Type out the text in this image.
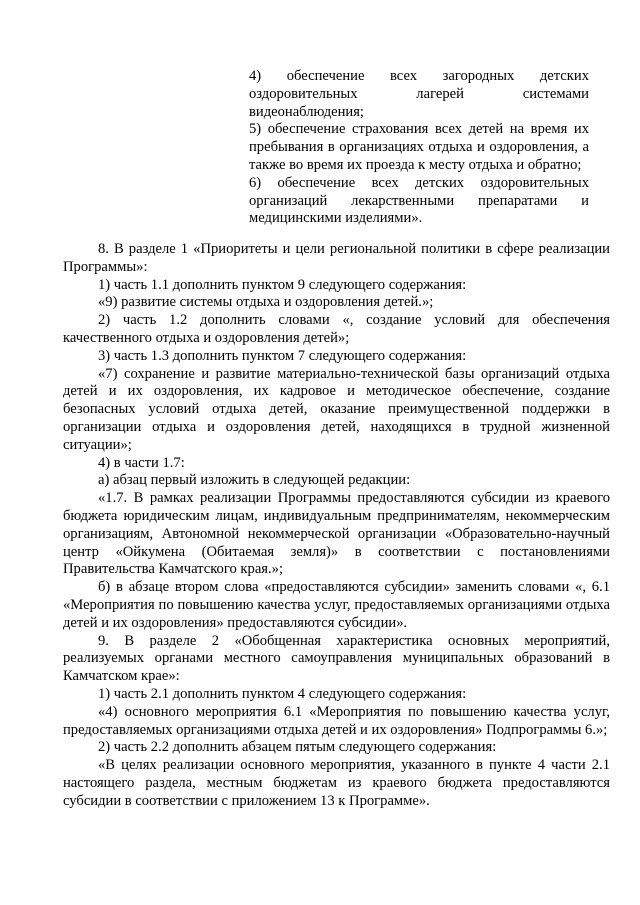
4) обеспечение всех загородных детских оздоровительных лагерей системами видеонаблюдения;

5) обеспечение страхования всех детей на время их пребывания в организациях отдыха и оздоровления, а также во время их проезда к месту отдыха и обратно;

6) обеспечение всех детских оздоровительных организаций лекарственными препаратами и медицинскими изделиями».

8. В разделе 1 «Приоритеты и цели региональной политики в сфере реализации Программы»:

1) часть 1.1 дополнить пунктом 9 следующего содержания:

«9) развитие системы отдыха и оздоровления детей.»;

2) часть 1.2 дополнить словами «, создание условий для обеспечения качественного отдыха и оздоровления детей»;

3) часть 1.3 дополнить пунктом 7 следующего содержания:

«7) сохранение и развитие материально-технической базы организаций отдыха детей и их оздоровления, их кадровое и методическое обеспечение, создание безопасных условий отдыха детей, оказание преимущественной поддержки в организации отдыха и оздоровления детей, находящихся в трудной жизненной ситуации»;

4) в части 1.7:

а) абзац первый изложить в следующей редакции:

«1.7. В рамках реализации Программы предоставляются субсидии из краевого бюджета юридическим лицам, индивидуальным предпринимателям, некоммерческим организациям, Автономной некоммерческой организации «Образовательно-научный центр «Ойкумена (Обитаемая земля)» в соответствии с постановлениями Правительства Камчатского края.»;

б) в абзаце втором слова «предоставляются субсидии» заменить словами «, 6.1 «Мероприятия по повышению качества услуг, предоставляемых организациями отдыха детей и их оздоровления» предоставляются субсидии».

9. В разделе 2 «Обобщенная характеристика основных мероприятий, реализуемых органами местного самоуправления муниципальных образований в Камчатском крае»:

1) часть 2.1 дополнить пунктом 4 следующего содержания:

«4) основного мероприятия 6.1 «Мероприятия по повышению качества услуг, предоставляемых организациями отдыха детей и их оздоровления» Подпрограммы 6.»;

2) часть 2.2 дополнить абзацем пятым следующего содержания:

«В целях реализации основного мероприятия, указанного в пункте 4 части 2.1 настоящего раздела, местным бюджетам из краевого бюджета предоставляются субсидии в соответствии с приложением 13 к Программе».
